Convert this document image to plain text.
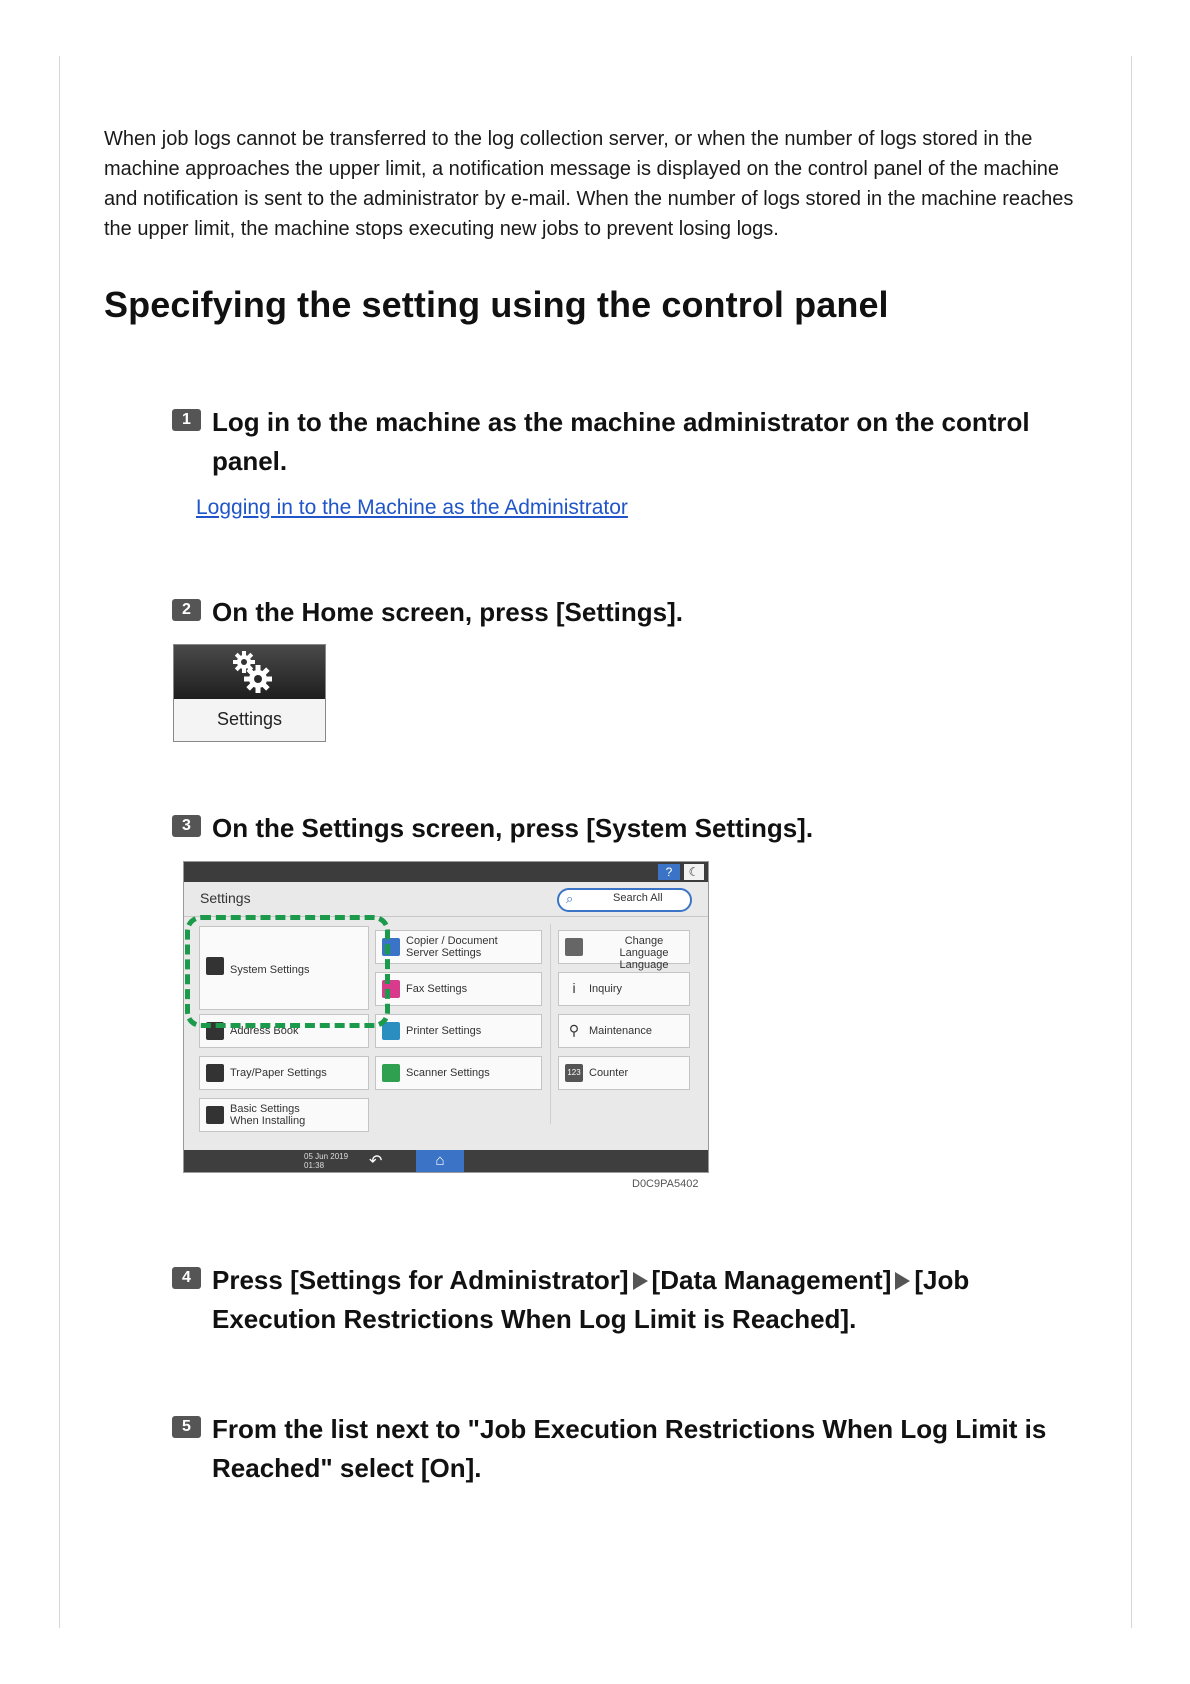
When job logs cannot be transferred to the log collection server, or when the number of logs stored in the machine approaches the upper limit, a notification message is displayed on the control panel of the machine and notification is sent to the administrator by e-mail. When the number of logs stored in the machine reaches the upper limit, the machine stops executing new jobs to prevent losing logs.

Specifying the setting using the control panel
1 Log in to the machine as the machine administrator on the control panel.

Logging in to the Machine as the Administrator
2 On the Home screen, press [Settings].

Settings
3 On the Settings screen, press [System Settings].

?	☾
Settings	⌕	Search All
System Settings
Address Book
Tray/Paper Settings
Basic Settings
When Installing
Copier / Document
Server Settings
Fax Settings
Printer Settings
Scanner Settings
Change Language
Language
i	Inquiry
⚲ Maintenance
123 Counter
05 Jun 2019
01:38	↶	⌂
D0C9PA5402
4 Press [Settings for Administrator] [Data Management] [Job Execution Restrictions When Log Limit is Reached].

5 From the list next to "Job Execution Restrictions When Log Limit is Reached" select [On].
